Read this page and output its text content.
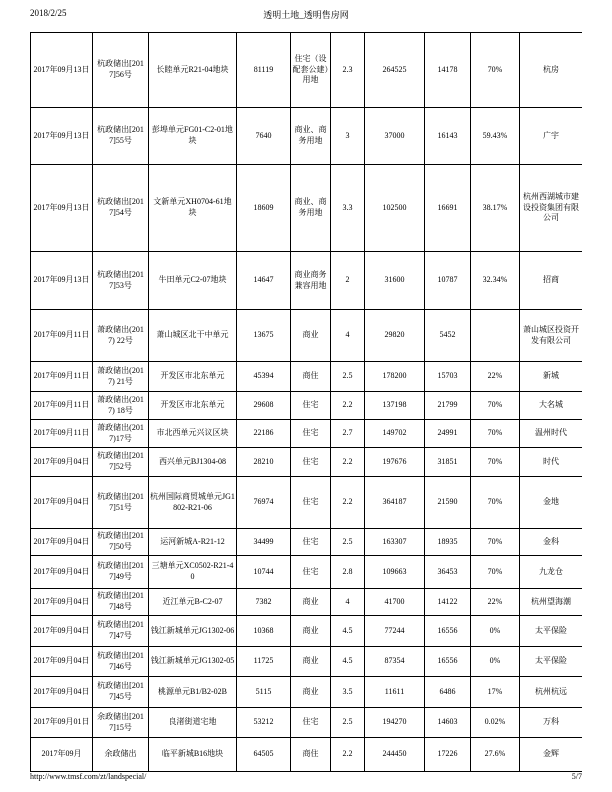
2018/2/25	透明土地_透明售房网
2017年09月13日	杭政储出[2017]56号	长睦单元R21-04地块	81119	住宅（设配套公建）用地	2.3	264525	14178	70%	杭房
2017年09月13日	杭政储出[2017]55号	彭埠单元FG01-C2-01地块	7640	商业、商务用地	3	37000	16143	59.43%	广宇
2017年09月13日	杭政储出[2017]54号	文新单元XH0704-61地块	18609	商业、商务用地	3.3	102500	16691	38.17%	杭州西湖城市建设投资集团有限公司
2017年09月13日	杭政储出[2017]53号	牛田单元C2-07地块	14647	商业商务兼容用地	2	31600	10787	32.34%	招商
2017年09月11日	萧政储出(2017) 22号	萧山城区北干中单元	13675	商业	4	29820	5452		萧山城区投资开发有限公司
2017年09月11日	萧政储出(2017) 21号	开发区市北东单元	45394	商住	2.5	178200	15703	22%	新城
2017年09月11日	萧政储出(2017) 18号	开发区市北东单元	29608	住宅	2.2	137198	21799	70%	大名城
2017年09月11日	萧政储出(2017)17号	市北西单元兴议区块	22186	住宅	2.7	149702	24991	70%	温州时代
2017年09月04日	杭政储出[2017]52号	西兴单元BJ1304-08	28210	住宅	2.2	197676	31851	70%	时代
2017年09月04日	杭政储出[2017]51号	杭州国际商贸城单元JG1802-R21-06	76974	住宅	2.2	364187	21590	70%	金地
2017年09月04日	杭政储出[2017]50号	运河新城A-R21-12	34499	住宅	2.5	163307	18935	70%	金科
2017年09月04日	杭政储出[2017]49号	三塘单元XC0502-R21-40	10744	住宅	2.8	109663	36453	70%	九龙仓
2017年09月04日	杭政储出[2017]48号	近江单元B-C2-07	7382	商业	4	41700	14122	22%	杭州望海潮
2017年09月04日	杭政储出[2017]47号	钱江新城单元JG1302-06	10368	商业	4.5	77244	16556	0%	太平保险
2017年09月04日	杭政储出[2017]46号	钱江新城单元JG1302-05	11725	商业	4.5	87354	16556	0%	太平保险
2017年09月04日	杭政储出[2017]45号	桃源单元B1/B2-02B	5115	商业	3.5	11611	6486	17%	杭州杭远
2017年09月01日	余政储出[2017]15号	良渚街道宅地	53212	住宅	2.5	194270	14603	0.02%	万科
2017年09月	余政储出	临平新城B16地块	64505	商住	2.2	244450	17226	27.6%	金辉
http://www.tmsf.com/zt/landspecial/	5/7
